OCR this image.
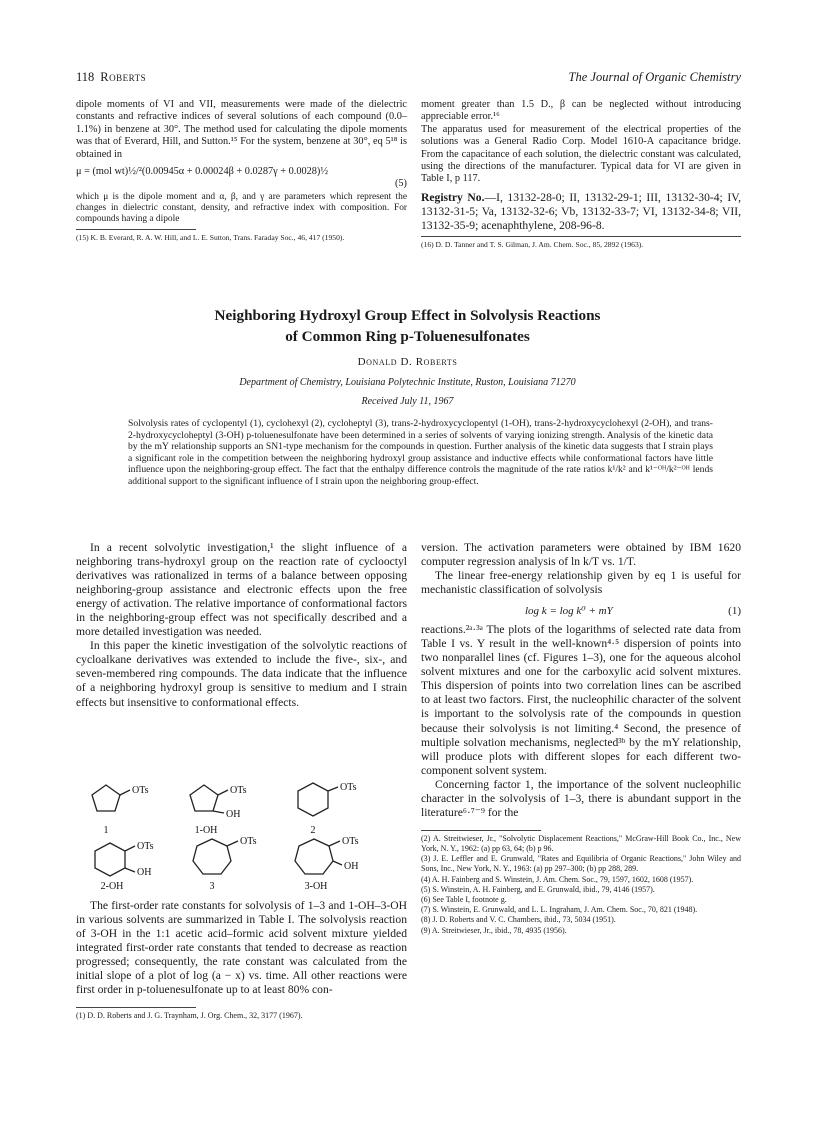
118 Roberts	The Journal of Organic Chemistry

dipole moments of VI and VII, measurements were made of the dielectric constants and refractive indices of several solutions of each compound (0.0–1.1%) in benzene at 30°. The method used for calculating the dipole moments was that of Everard, Hill, and Sutton.¹⁵ For the system, benzene at 30°, eq 5¹⁸ is obtained in

μ = (mol wt)½/²(0.00945α + 0.00024β + 0.0287γ + 0.0028)½
(5)

which μ is the dipole moment and α, β, and γ are parameters which represent the changes in dielectric constant, density, and refractive index with composition. For compounds having a dipole

(15) K. B. Everard, R. A. W. Hill, and L. E. Sutton, Trans. Faraday Soc., 46, 417 (1950).

moment greater than 1.5 D., β can be neglected without introducing appreciable error.¹⁶

The apparatus used for measurement of the electrical properties of the solutions was a General Radio Corp. Model 1610-A capacitance bridge. From the capacitance of each solution, the dielectric constant was calculated, using the directions of the manufacturer. Typical data for VI are given in Table I, p 117.

Registry No.—I, 13132-28-0; II, 13132-29-1; III, 13132-30-4; IV, 13132-31-5; Va, 13132-32-6; Vb, 13132-33-7; VI, 13132-34-8; VII, 13132-35-9; acenaphthylene, 208-96-8.
(16) D. D. Tanner and T. S. Gilman, J. Am. Chem. Soc., 85, 2892 (1963).
Neighboring Hydroxyl Group Effect in Solvolysis Reactions
of Common Ring p-Toluenesulfonates
Donald D. Roberts
Department of Chemistry, Louisiana Polytechnic Institute, Ruston, Louisiana 71270
Received July 11, 1967
Solvolysis rates of cyclopentyl (1), cyclohexyl (2), cycloheptyl (3), trans-2-hydroxycyclopentyl (1-OH), trans-2-hydroxycyclohexyl (2-OH), and trans-2-hydroxycycloheptyl (3-OH) p-toluenesulfonate have been determined in a series of solvents of varying ionizing strength. Analysis of the kinetic data by the mY relationship supports an SN1-type mechanism for the compounds in question. Further analysis of the kinetic data suggests that I strain plays a significant role in the competition between the neighboring hydroxyl group assistance and inductive effects while conformational factors have little influence upon the neighboring-group effect. The fact that the enthalpy difference controls the magnitude of the rate ratios k¹/k² and k¹⁻ᴼᴴ/k²⁻ᴼᴴ lends additional support to the significant influence of I strain upon the neighboring group-effect.

In a recent solvolytic investigation,¹ the slight influence of a neighboring trans-hydroxyl group on the reaction rate of cyclooctyl derivatives was rationalized in terms of a balance between opposing neighboring-group assistance and electronic effects upon the free energy of activation. The relative importance of conformational factors in the neighboring-group effect was not specifically described and a more detailed investigation was needed.

In this paper the kinetic investigation of the solvolytic reactions of cycloalkane derivatives was extended to include the five-, six-, and seven-membered ring compounds. The data indicate that the influence of a neighboring hydroxyl group is sensitive to medium and I strain effects but insensitive to conformational effects.

OTs	OTs
OH
OTs
OTs
OH
OTs	OTs
OH
1	1-OH	2
2-OH	3	3-OH

The first-order rate constants for solvolysis of 1–3 and 1-OH–3-OH in various solvents are summarized in Table I. The solvolysis reaction of 3-OH in the 1:1 acetic acid–formic acid solvent mixture yielded integrated first-order rate constants that tended to decrease as reaction progressed; consequently, the rate constant was calculated from the initial slope of a plot of log (a − x) vs. time. All other reactions were first order in p-toluenesulfonate up to at least 80% con-

(1) D. D. Roberts and J. G. Traynham, J. Org. Chem., 32, 3177 (1967).

version. The activation parameters were obtained by IBM 1620 computer regression analysis of ln k/T vs. 1/T.

The linear free-energy relationship given by eq 1 is useful for mechanistic classification of solvolysis

log k = log k⁰ + mY	(1)

reactions.²ᵃ·³ᵃ The plots of the logarithms of selected rate data from Table I vs. Y result in the well-known⁴·⁵ dispersion of points into two nonparallel lines (cf. Figures 1–3), one for the aqueous alcohol solvent mixtures and one for the carboxylic acid solvent mixtures. This dispersion of points into two correlation lines can be ascribed to at least two factors. First, the nucleophilic character of the solvent is important to the solvolysis rate of the compounds in question because their solvolysis is not limiting.⁴ Second, the presence of multiple solvation mechanisms, neglected³ᵇ by the mY relationship, will produce plots with different slopes for each different two-component solvent system.

Concerning factor 1, the importance of the solvent nucleophilic character in the solvolysis of 1–3, there is abundant support in the literature⁶·⁷⁻⁹ for the

(2) A. Streitwieser, Jr., "Solvolytic Displacement Reactions," McGraw-Hill Book Co., Inc., New York, N. Y., 1962: (a) pp 63, 64; (b) p 96.
(3) J. E. Leffler and E. Grunwald, "Rates and Equilibria of Organic Reactions," John Wiley and Sons, Inc., New York, N. Y., 1963: (a) pp 297–300; (b) pp 288, 289.
(4) A. H. Fainberg and S. Winstein, J. Am. Chem. Soc., 79, 1597, 1602, 1608 (1957).
(5) S. Winstein, A. H. Fainberg, and E. Grunwald, ibid., 79, 4146 (1957).
(6) See Table I, footnote g.
(7) S. Winstein, E. Grunwald, and L. L. Ingraham, J. Am. Chem. Soc., 70, 821 (1948).
(8) J. D. Roberts and V. C. Chambers, ibid., 73, 5034 (1951).
(9) A. Streitwieser, Jr., ibid., 78, 4935 (1956).
